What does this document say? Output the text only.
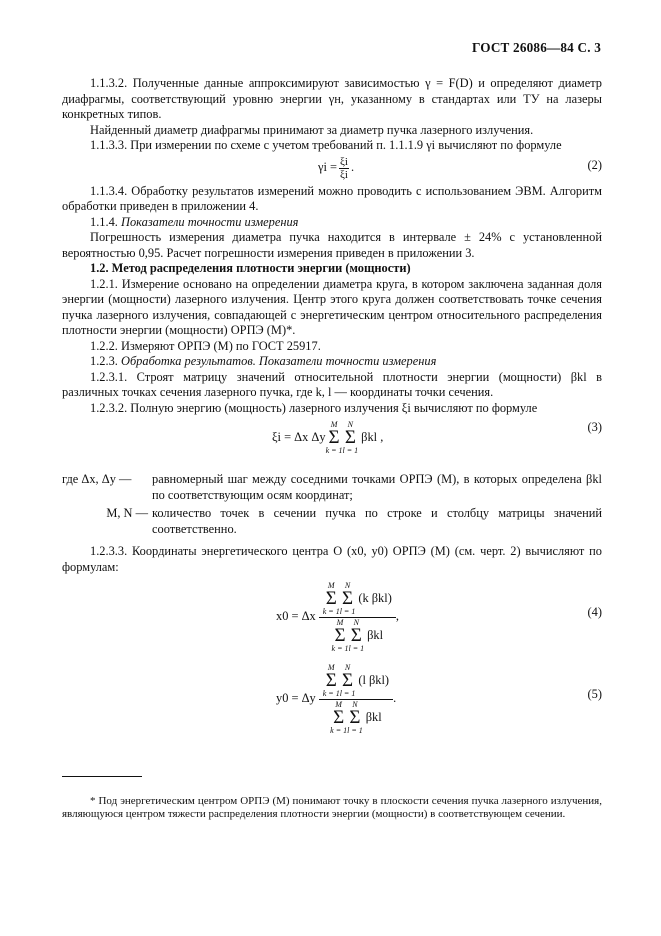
ГОСТ 26086—84 С. 3

1.1.3.2. Полученные данные аппроксимируют зависимостью γ = F(D) и определяют диаметр диафрагмы, соответствующий уровню энергии γн, указанному в стандартах или ТУ на лазеры конкретных типов.

Найденный диаметр диафрагмы принимают за диаметр пучка лазерного излучения.

1.1.3.3. При измерении по схеме с учетом требований п. 1.1.1.9 γi вычисляют по формуле

$\gamma i = \frac{\xi i}{\xi i}$ .	(2)

1.1.3.4. Обработку результатов измерений можно проводить с использованием ЭВМ. Алгоритм обработки приведен в приложении 4.

1.1.4. Показатели точности измерения

Погрешность измерения диаметра пучка находится в интервале ± 24% с установленной вероятностью 0,95. Расчет погрешности измерения приведен в приложении 3.

1.2. Метод распределения плотности энергии (мощности)

1.2.1. Измерение основано на определении диаметра круга, в котором заключена заданная доля энергии (мощности) лазерного излучения. Центр этого круга должен соответствовать точке сечения пучка лазерного излучения, совпадающей с энергетическим центром относительного распределения плотности энергии (мощности) ОРПЭ (М)*.

1.2.2. Измеряют ОРПЭ (М) по ГОСТ 25917.

1.2.3. Обработка результатов. Показатели точности измерения

1.2.3.1. Строят матрицу значений относительной плотности энергии (мощности) βkl в различных точках сечения лазерного пучка, где k, l — координаты точки сечения.

1.2.3.2. Полную энергию (мощность) лазерного излучения ξi вычисляют по формуле

ξi = Δx Δy
M
Σ
k = 1
N
Σ
l = 1
βkl ,
(3)
где Δx, Δy —	равномерный шаг между соседними точками ОРПЭ (М), в которых определена βkl по соответствующим осям координат;
M, N — количество точек в сечении пучка по строке и столбцу матрицы значений соответственно.

1.2.3.3. Координаты энергетического центра O (x0, y0) ОРПЭ (М) (см. черт. 2) вычисляют по формулам:

x0 = Δx
M
Σ
k = 1
N
Σ
l = 1
(k βkl)
M
Σ
k = 1
N
Σ
l = 1
βkl
,	(4)
y0 = Δy
M
Σ
k = 1
N
Σ
l = 1
(l βkl)
M
Σ
k = 1
N
Σ
l = 1
βkl
.	(5)

* Под энергетическим центром ОРПЭ (М) понимают точку в плоскости сечения пучка лазерного излучения, являющуюся центром тяжести распределения плотности энергии (мощности) в соответствующем сечении.
